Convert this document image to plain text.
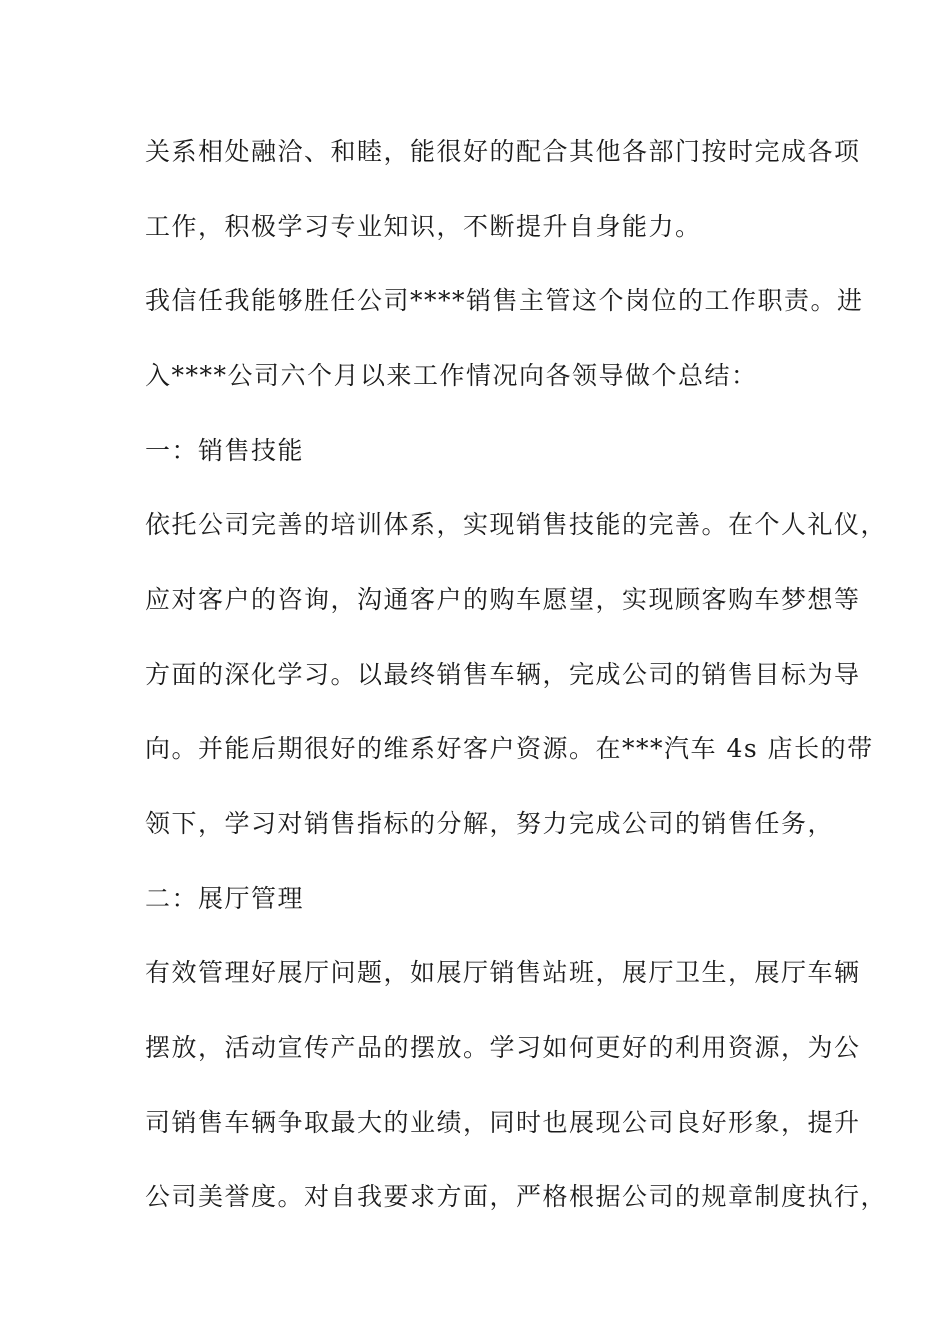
关系相处融洽、和睦，能很好的配合其他各部门按时完成各项
工作，积极学习专业知识，不断提升自身能力。
我信任我能够胜任公司****销售主管这个岗位的工作职责。进
入****公司六个月以来工作情况向各领导做个总结：
一：销售技能
依托公司完善的培训体系，实现销售技能的完善。在个人礼仪，
应对客户的咨询，沟通客户的购车愿望，实现顾客购车梦想等
方面的深化学习。以最终销售车辆，完成公司的销售目标为导
向。并能后期很好的维系好客户资源。在***汽车 4s 店长的带
领下，学习对销售指标的分解，努力完成公司的销售任务，
二：展厅管理
有效管理好展厅问题，如展厅销售站班，展厅卫生，展厅车辆
摆放，活动宣传产品的摆放。学习如何更好的利用资源，为公
司销售车辆争取最大的业绩，同时也展现公司良好形象，提升
公司美誉度。对自我要求方面，严格根据公司的规章制度执行，
